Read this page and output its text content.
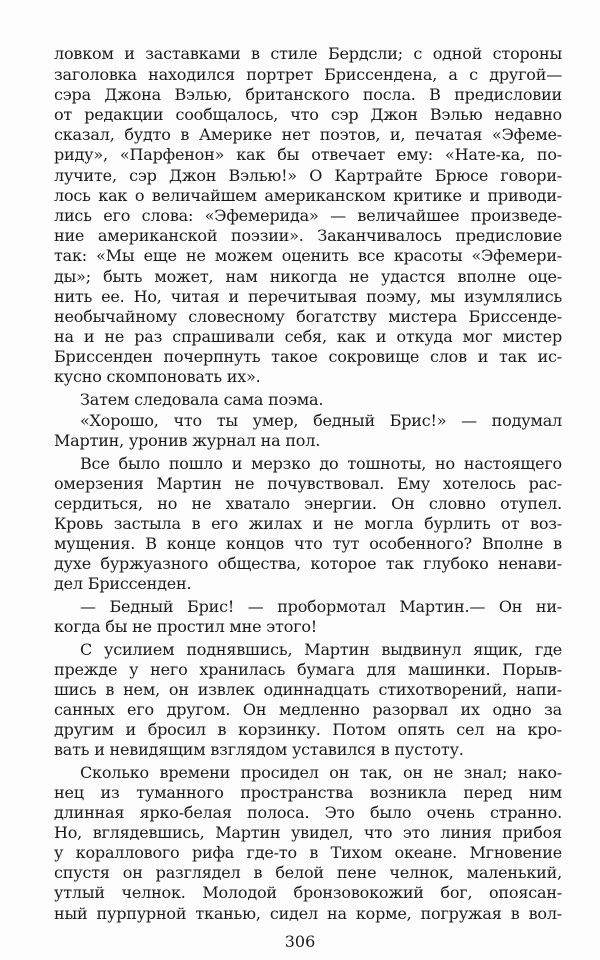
ловком и заставками в стиле Бердсли; с одной стороны
заголовка находился портрет Бриссендена, а с другой—
сэра Джона Вэлью, британского посла. В предисловии
от редакции сообщалось, что сэр Джон Вэлью недавно
сказал, будто в Америке нет поэтов, и, печатая «Эфеме-
риду», «Парфенон» как бы отвечает ему: «Нате-ка, по-
лучите, сэр Джон Вэлью!» О Картрайте Брюсе говори-
лось как о величайшем американском критике и приводи-
лись его слова: «Эфемерида» — величайшее произведе-
ние американской поэзии». Заканчивалось предисловие
так: «Мы еще не можем оценить все красоты «Эфемери-
ды»; быть может, нам никогда не удастся вполне оце-
нить ее. Но, читая и перечитывая поэму, мы изумлялись
необычайному словесному богатству мистера Бриссенде-
на и не раз спрашивали себя, как и откуда мог мистер
Бриссенден почерпнуть такое сокровище слов и так ис-
кусно скомпоновать их».
Затем следовала сама поэма.
«Хорошо, что ты умер, бедный Брис!» — подумал
Мартин, уронив журнал на пол.
Все было пошло и мерзко до тошноты, но настоящего
омерзения Мартин не почувствовал. Ему хотелось рас-
сердиться, но не хватало энергии. Он словно отупел.
Кровь застыла в его жилах и не могла бурлить от воз-
мущения. В конце концов что тут особенного? Вполне в
духе буржуазного общества, которое так глубоко ненави-
дел Бриссенден.
— Бедный Брис! — пробормотал Мартин.— Он ни-
когда бы не простил мне этого!
С усилием поднявшись, Мартин выдвинул ящик, где
прежде у него хранилась бумага для машинки. Порыв-
шись в нем, он извлек одиннадцать стихотворений, напи-
санных его другом. Он медленно разорвал их одно за
другим и бросил в корзинку. Потом опять сел на кро-
вать и невидящим взглядом уставился в пустоту.
Сколько времени просидел он так, он не знал; нако-
нец из туманного пространства возникла перед ним
длинная ярко-белая полоса. Это было очень странно.
Но, вглядевшись, Мартин увидел, что это линия прибоя
у кораллового рифа где-то в Тихом океане. Мгновение
спустя он разглядел в белой пене челнок, маленький,
утлый челнок. Молодой бронзовокожий бог, опоясан-
ный пурпурной тканью, сидел на корме, погружая в вол-
306
